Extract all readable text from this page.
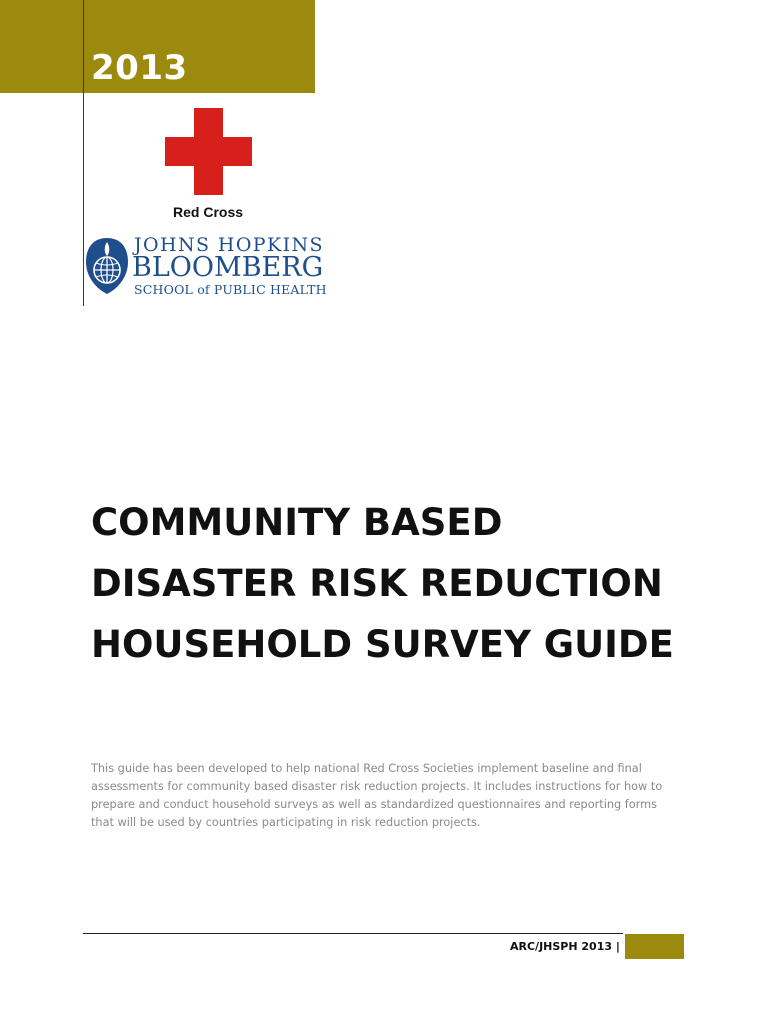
2013
Red Cross
JOHNS HOPKINS
BLOOMBERG
SCHOOL of PUBLIC HEALTH
COMMUNITY BASED
DISASTER RISK REDUCTION
HOUSEHOLD SURVEY GUIDE

This guide has been developed to help national Red Cross Societies implement baseline and final
assessments for community based disaster risk reduction projects. It includes instructions for how to
prepare and conduct household surveys as well as standardized questionnaires and reporting forms
that will be used by countries participating in risk reduction projects.

ARC/JHSPH 2013 |
